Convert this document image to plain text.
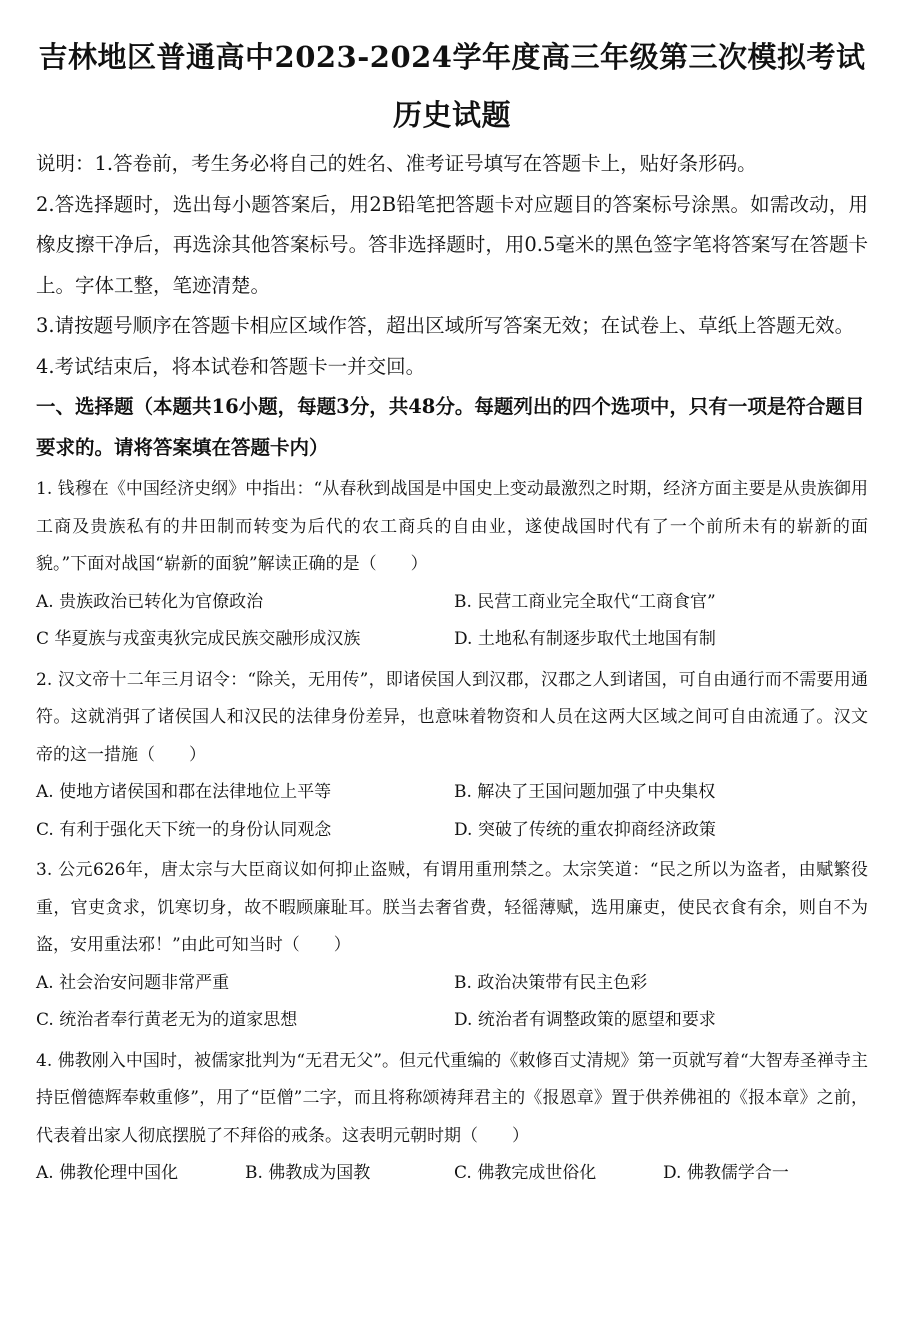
吉林地区普通高中2023-2024学年度高三年级第三次模拟考试历史试题

说明：1.答卷前，考生务必将自己的姓名、准考证号填写在答题卡上，贴好条形码。

2.答选择题时，选出每小题答案后，用2B铅笔把答题卡对应题目的答案标号涂黑。如需改动，用橡皮擦干净后，再选涂其他答案标号。答非选择题时，用0.5毫米的黑色签字笔将答案写在答题卡上。字体工整，笔迹清楚。

3.请按题号顺序在答题卡相应区域作答，超出区域所写答案无效；在试卷上、草纸上答题无效。

4.考试结束后，将本试卷和答题卡一并交回。

一、选择题（本题共16小题，每题3分，共48分。每题列出的四个选项中，只有一项是符合题目要求的。请将答案填在答题卡内）

1. 钱穆在《中国经济史纲》中指出：“从春秋到战国是中国史上变动最激烈之时期，经济方面主要是从贵族御用工商及贵族私有的井田制而转变为后代的农工商兵的自由业，遂使战国时代有了一个前所未有的崭新的面貌。”下面对战国“崭新的面貌”解读正确的是（　　）

A. 贵族政治已转化为官僚政治	B. 民营工商业完全取代“工商食官”
C 华夏族与戎蛮夷狄完成民族交融形成汉族	D. 土地私有制逐步取代土地国有制

2. 汉文帝十二年三月诏令：“除关，无用传”，即诸侯国人到汉郡，汉郡之人到诸国，可自由通行而不需要用通符。这就消弭了诸侯国人和汉民的法律身份差异，也意味着物资和人员在这两大区域之间可自由流通了。汉文帝的这一措施（　　）

A. 使地方诸侯国和郡在法律地位上平等	B. 解决了王国问题加强了中央集权
C. 有利于强化天下统一的身份认同观念	D. 突破了传统的重农抑商经济政策

3. 公元626年，唐太宗与大臣商议如何抑止盗贼，有谓用重刑禁之。太宗笑道：“民之所以为盗者，由赋繁役重，官吏贪求，饥寒切身，故不暇顾廉耻耳。朕当去奢省费，轻徭薄赋，选用廉吏，使民衣食有余，则自不为盗，安用重法邪！”由此可知当时（　　）

A. 社会治安问题非常严重	B. 政治决策带有民主色彩
C. 统治者奉行黄老无为的道家思想	D. 统治者有调整政策的愿望和要求

4. 佛教刚入中国时，被儒家批判为“无君无父”。但元代重编的《敕修百丈清规》第一页就写着“大智寿圣禅寺主持臣僧德辉奉敕重修”，用了“臣僧”二字，而且将称颂祷拜君主的《报恩章》置于供养佛祖的《报本章》之前，代表着出家人彻底摆脱了不拜俗的戒条。这表明元朝时期（　　）

A. 佛教伦理中国化	B. 佛教成为国教	C. 佛教完成世俗化	D. 佛教儒学合一
